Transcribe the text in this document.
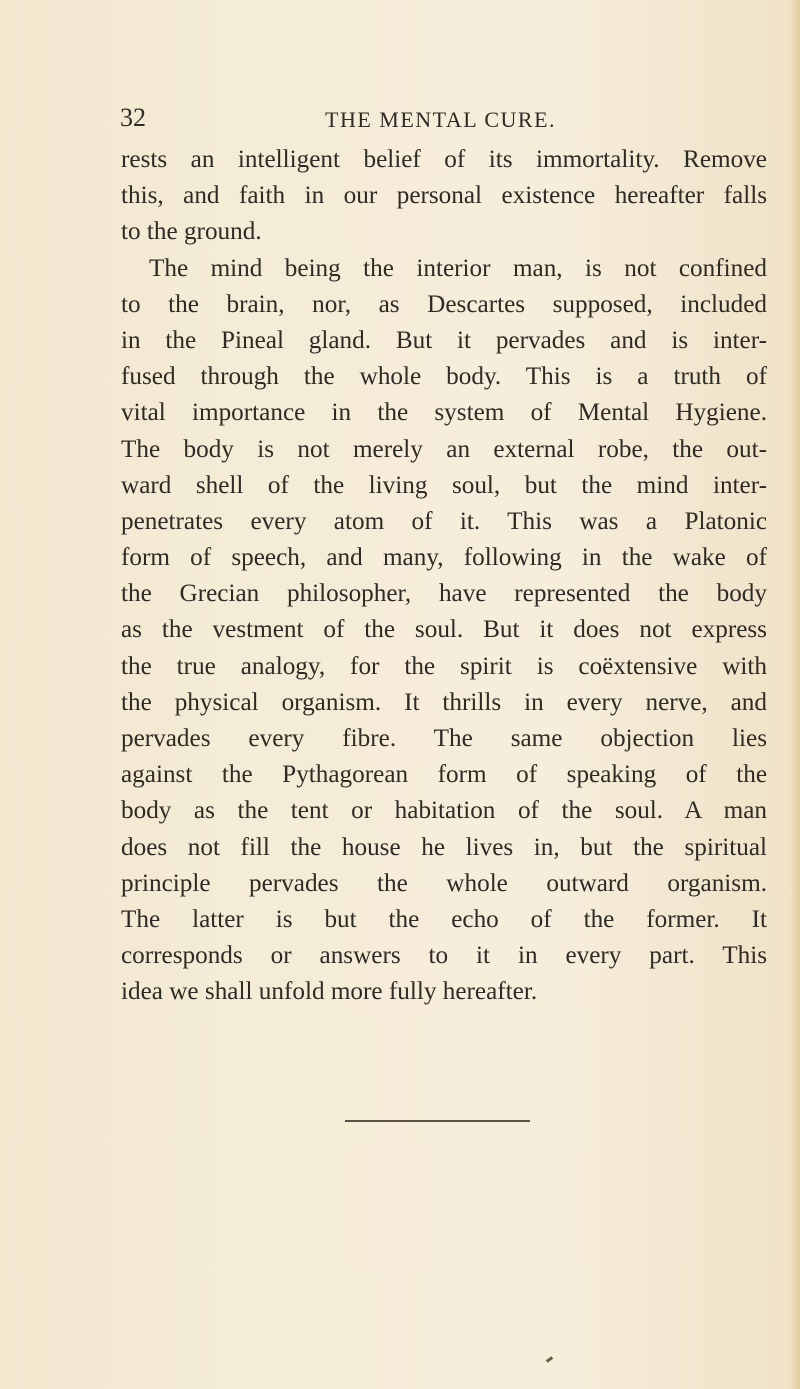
32	THE MENTAL CURE.
rests an intelligent belief of its immortality. Remove
this, and faith in our personal existence hereafter falls
to the ground.
The mind being the interior man, is not confined
to the brain, nor, as Descartes supposed, included
in the Pineal gland. But it pervades and is inter-
fused through the whole body. This is a truth of
vital importance in the system of Mental Hygiene.
The body is not merely an external robe, the out-
ward shell of the living soul, but the mind inter-
penetrates every atom of it. This was a Platonic
form of speech, and many, following in the wake of
the Grecian philosopher, have represented the body
as the vestment of the soul. But it does not express
the true analogy, for the spirit is coëxtensive with
the physical organism. It thrills in every nerve, and
pervades every fibre. The same objection lies
against the Pythagorean form of speaking of the
body as the tent or habitation of the soul. A man
does not fill the house he lives in, but the spiritual
principle pervades the whole outward organism.
The latter is but the echo of the former. It
corresponds or answers to it in every part. This
idea we shall unfold more fully hereafter.
